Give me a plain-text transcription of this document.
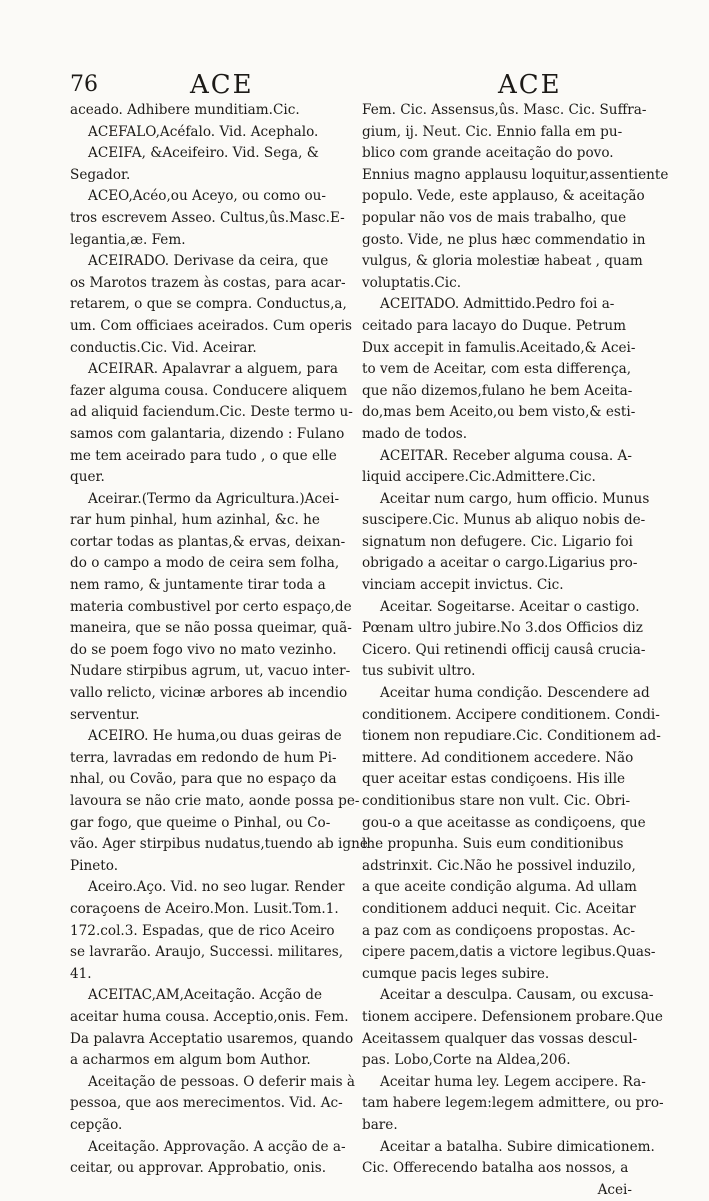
76	ACE	ACE
aceado. Adhibere munditiam.Cic.
ACEFALO,Acéfalo. Vid. Acephalo.
ACEIFA, &Aceifeiro. Vid. Sega, &
Segador.
ACEO,Acéo,ou Aceyo, ou como ou-
tros escrevem Asseo. Cultus,ûs.Masc.E-
legantia,æ. Fem.
ACEIRADO. Derivase da ceira, que
os Marotos trazem às costas, para acar-
retarem, o que se compra. Conductus,a,
um. Com officiaes aceirados. Cum operis
conductis.Cic. Vid. Aceirar.
ACEIRAR. Apalavrar a alguem, para
fazer alguma cousa. Conducere aliquem
ad aliquid faciendum.Cic. Deste termo u-
samos com galantaria, dizendo : Fulano
me tem aceirado para tudo , o que elle
quer.
Aceirar.(Termo da Agricultura.)Acei-
rar hum pinhal, hum azinhal, &c. he
cortar todas as plantas,& ervas, deixan-
do o campo a modo de ceira sem folha,
nem ramo, & juntamente tirar toda a
materia combustivel por certo espaço,de
maneira, que se não possa queimar, quã-
do se poem fogo vivo no mato vezinho.
Nudare stirpibus agrum, ut, vacuo inter-
vallo relicto, vicinæ arbores ab incendio
serventur.
ACEIRO. He huma,ou duas geiras de
terra, lavradas em redondo de hum Pi-
nhal, ou Covão, para que no espaço da
lavoura se não crie mato, aonde possa pe-
gar fogo, que queime o Pinhal, ou Co-
vão. Ager stirpibus nudatus,tuendo ab igne
Pineto.
Aceiro.Aço. Vid. no seo lugar. Render
coraçoens de Aceiro.Mon. Lusit.Tom.1.
172.col.3. Espadas, que de rico Aceiro
se lavrarão. Araujo, Successi. militares,
41.
ACEITAC,AM,Aceitação. Acção de
aceitar huma cousa. Acceptio,onis. Fem.
Da palavra Acceptatio usaremos, quando
a acharmos em algum bom Author.
Aceitação de pessoas. O deferir mais à
pessoa, que aos merecimentos. Vid. Ac-
cepção.
Aceitação. Approvação. A acção de a-
ceitar, ou approvar. Approbatio, onis.
Fem. Cic. Assensus,ûs. Masc. Cic. Suffra-
gium, ij. Neut. Cic. Ennio falla em pu-
blico com grande aceitação do povo.
Ennius magno applausu loquitur,assentiente
populo. Vede, este applauso, & aceitação
popular não vos de mais trabalho, que
gosto. Vide, ne plus hæc commendatio in
vulgus, & gloria molestiæ habeat , quam
voluptatis.Cic.
ACEITADO. Admittido.Pedro foi a-
ceitado para lacayo do Duque. Petrum
Dux accepit in famulis.Aceitado,& Acei-
to vem de Aceitar, com esta differença,
que não dizemos,fulano he bem Aceita-
do,mas bem Aceito,ou bem visto,& esti-
mado de todos.
ACEITAR. Receber alguma cousa. A-
liquid accipere.Cic.Admittere.Cic.
Aceitar num cargo, hum officio. Munus
suscipere.Cic. Munus ab aliquo nobis de-
signatum non defugere. Cic. Ligario foi
obrigado a aceitar o cargo.Ligarius pro-
vinciam accepit invictus. Cic.
Aceitar. Sogeitarse. Aceitar o castigo.
Pœnam ultro jubire.No 3.dos Officios diz
Cicero. Qui retinendi officij causâ crucia-
tus subivit ultro.
Aceitar huma condição. Descendere ad
conditionem. Accipere conditionem. Condi-
tionem non repudiare.Cic. Conditionem ad-
mittere. Ad conditionem accedere. Não
quer aceitar estas condiçoens. His ille
conditionibus stare non vult. Cic. Obri-
gou-o a que aceitasse as condiçoens, que
lhe propunha. Suis eum conditionibus
adstrinxit. Cic.Não he possivel induzilo,
a que aceite condição alguma. Ad ullam
conditionem adduci nequit. Cic. Aceitar
a paz com as condiçoens propostas. Ac-
cipere pacem,datis a victore legibus.Quas-
cumque pacis leges subire.
Aceitar a desculpa. Causam, ou excusa-
tionem accipere. Defensionem probare.Que
Aceitassem qualquer das vossas descul-
pas. Lobo,Corte na Aldea,206.
Aceitar huma ley. Legem accipere. Ra-
tam habere legem:legem admittere, ou pro-
bare.
Aceitar a batalha. Subire dimicationem.
Cic. Offerecendo batalha aos nossos, a
Acei-
